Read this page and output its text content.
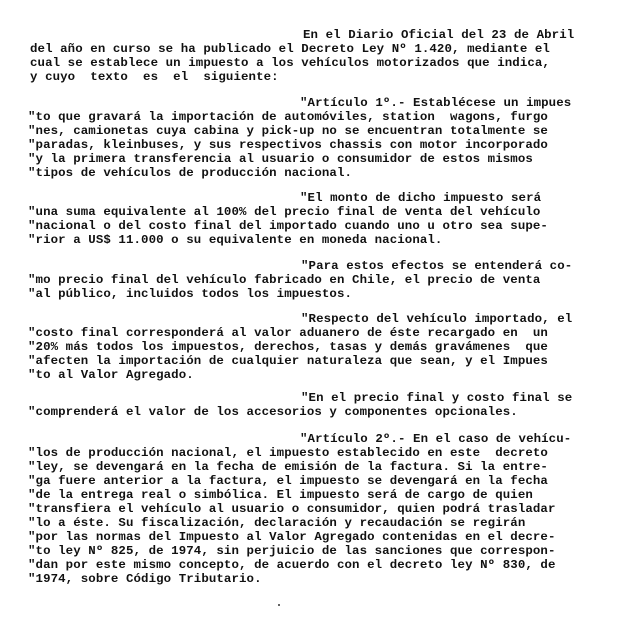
En el Diario Oficial del 23 de Abril
del año en curso se ha publicado el Decreto Ley Nº 1.420, mediante el
cual se establece un impuesto a los vehículos motorizados que indica,
y cuyo  texto  es  el  siguiente:
"Artículo 1º.- Establécese un impues
"to que gravará la importación de automóviles, station  wagons, furgo
"nes, camionetas cuya cabina y pick-up no se encuentran totalmente se
"paradas, kleinbuses, y sus respectivos chassis con motor incorporado
"y la primera transferencia al usuario o consumidor de estos mismos
"tipos de vehículos de producción nacional.
"El monto de dicho impuesto será
"una suma equivalente al 100% del precio final de venta del vehículo
"nacional o del costo final del importado cuando uno u otro sea supe-
"rior a US$ 11.000 o su equivalente en moneda nacional.
"Para estos efectos se entenderá co-
"mo precio final del vehículo fabricado en Chile, el precio de venta
"al público, incluidos todos los impuestos.
"Respecto del vehículo importado, el
"costo final corresponderá al valor aduanero de éste recargado en  un
"20% más todos los impuestos, derechos, tasas y demás gravámenes  que
"afecten la importación de cualquier naturaleza que sean, y el Impues
"to al Valor Agregado.
"En el precio final y costo final se
"comprenderá el valor de los accesorios y componentes opcionales.
"Artículo 2º.- En el caso de vehícu-
"los de producción nacional, el impuesto establecido en este  decreto
"ley, se devengará en la fecha de emisión de la factura. Si la entre-
"ga fuere anterior a la factura, el impuesto se devengará en la fecha
"de la entrega real o simbólica. El impuesto será de cargo de quien
"transfiera el vehículo al usuario o consumidor, quien podrá trasladar
"lo a éste. Su fiscalización, declaración y recaudación se regirán
"por las normas del Impuesto al Valor Agregado contenidas en el decre-
"to ley Nº 825, de 1974, sin perjuicio de las sanciones que correspon-
"dan por este mismo concepto, de acuerdo con el decreto ley Nº 830, de
"1974, sobre Código Tributario.
